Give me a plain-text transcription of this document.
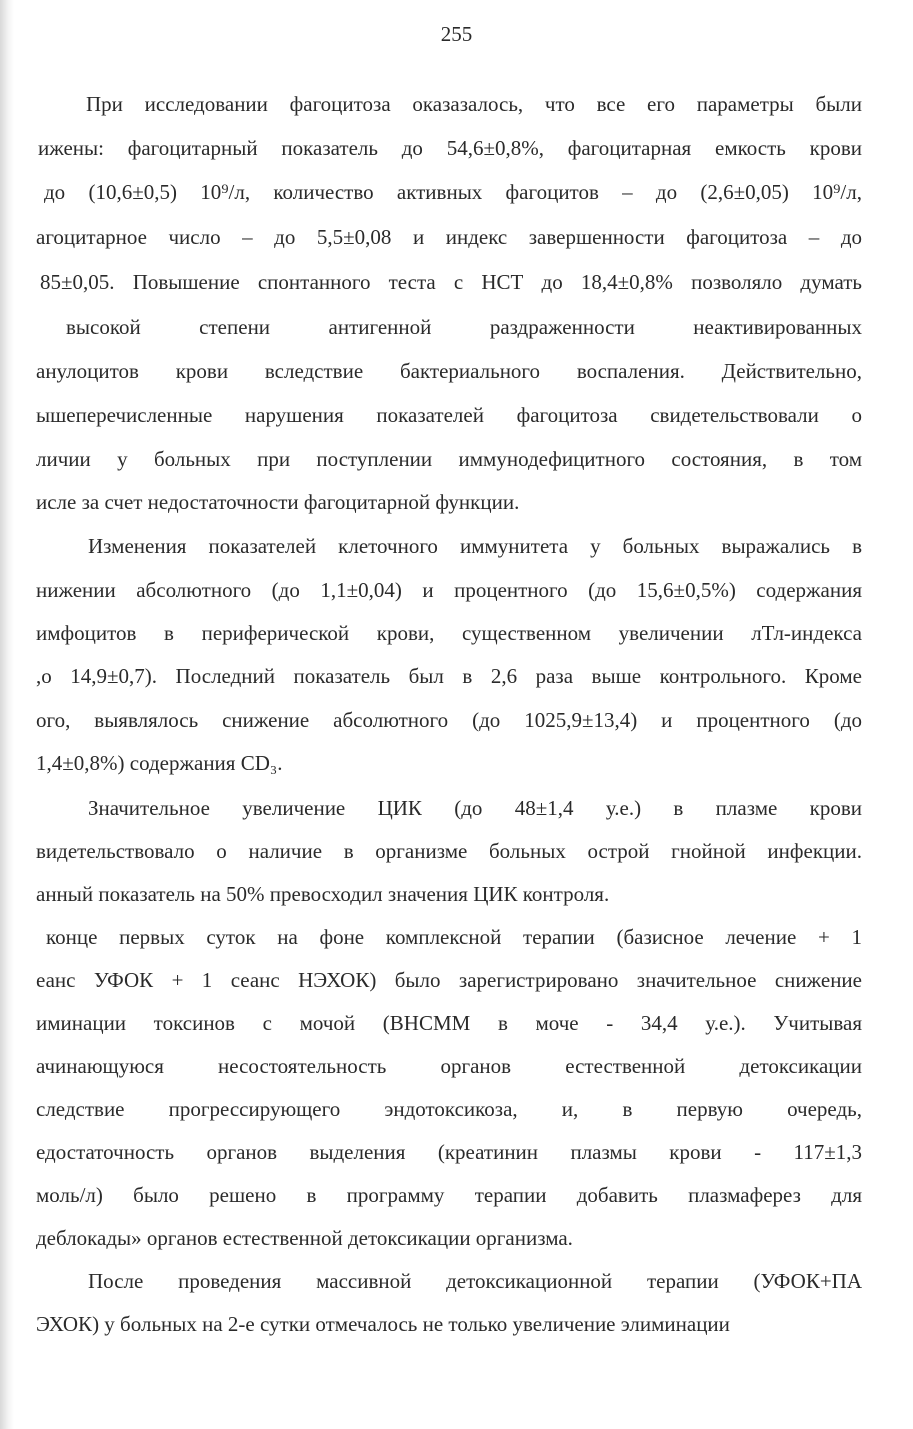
255
При исследовании фагоцитоза оказазалось, что все его параметры были
ижены: фагоцитарный показатель до 54,6±0,8%, фагоцитарная емкость крови
до (10,6±0,5) 10⁹/л, количество активных фагоцитов – до (2,6±0,05) 10⁹/л,
агоцитарное число – до 5,5±0,08 и индекс завершенности фагоцитоза – до
85±0,05. Повышение спонтанного теста с НСТ до 18,4±0,8% позволяло думать
высокой степени антигенной раздраженности неактивированных
анулоцитов крови вследствие бактериального воспаления. Действительно,
ышеперечисленные нарушения показателей фагоцитоза свидетельствовали о
личии у больных при поступлении иммунодефицитного состояния, в том
исле за счет недостаточности фагоцитарной функции.
Изменения показателей клеточного иммунитета у больных выражались в
нижении абсолютного (до 1,1±0,04) и процентного (до 15,6±0,5%) содержания
имфоцитов в периферической крови, существенном увеличении лТл-индекса
,о 14,9±0,7). Последний показатель был в 2,6 раза выше контрольного. Кроме
ого, выявлялось снижение абсолютного (до 1025,9±13,4) и процентного (до
1,4±0,8%) содержания CD₃.
Значительное увеличение ЦИК (до 48±1,4 у.е.) в плазме крови
видетельствовало о наличие в организме больных острой гнойной инфекции.
анный показатель на 50% превосходил значения ЦИК контроля.
конце первых суток на фоне комплексной терапии (базисное лечение + 1
еанс УФОК + 1 сеанс НЭХОК) было зарегистрировано значительное снижение
иминации токсинов с мочой (ВНСММ в моче - 34,4 у.е.). Учитывая
ачинающуюся несостоятельность органов естественной детоксикации
следствие прогрессирующего эндотоксикоза, и, в первую очередь,
едостаточность органов выделения (креатинин плазмы крови - 117±1,3
моль/л) было решено в программу терапии добавить плазмаферез для
деблокады» органов естественной детоксикации организма.
После проведения массивной детоксикационной терапии (УФОК+ПА
ЭХОК) у больных на 2-е сутки отмечалось не только увеличение элиминации
